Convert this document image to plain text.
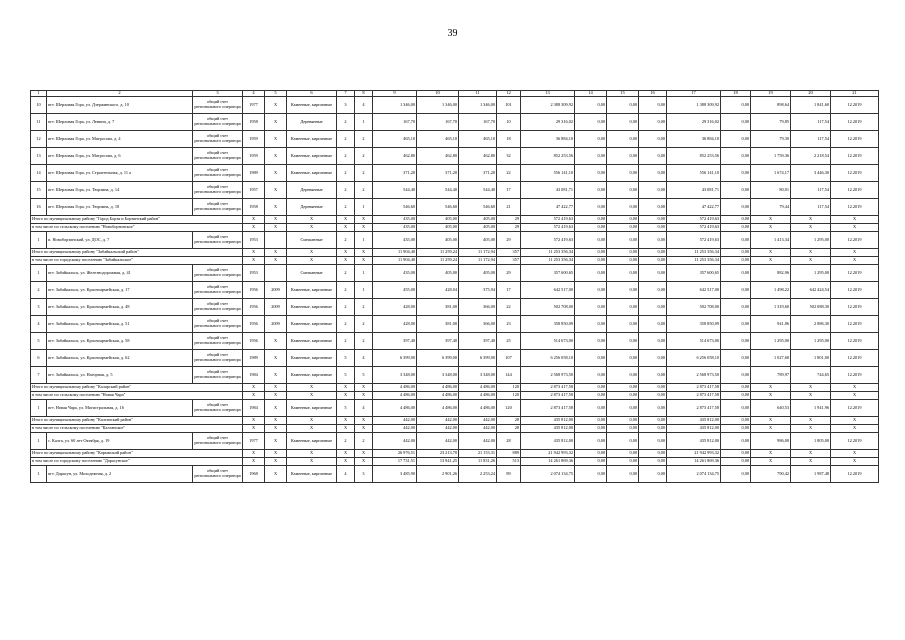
39
1	2	3	4	5	6	7	8	9	10	11	12	13	14	15	16	17	18	19	20	21
10	пгт. Шерловая Гора, ул. Дзержинского, д. 10	общий счет регионального оператора	1977	X	Каменные, кирпичные	3	4	1 346,00	1 346,00	1 346,00	101	2 388 309,92	0,00	0,00	0,00	1 388 309,92	0,00	898,64	1 841,60	12.2019
11	пгт. Шерловая Гора, ул. Ленина, д. 7	общий счет регионального оператора	1958	X	Деревянные	2	1	167,70	167,70	167,70	10	29 316,02	0,00	0,00	0,00	29 316,02	0,00	79,85	117,54	12.2019
12	пгт. Шерловая Гора, ул. Матросова, д. 4	общий счет регионального оператора	1959	X	Каменные, кирпичные	2	2	465,10	465,10	465,10	18	36 884,10	0,00	0,00	0,00	36 884,10	0,00	79,30	117,54	12.2019
13	пгт. Шерловая Гора, ул. Матросова, д. 6	общий счет регионального оператора	1959	X	Каменные, кирпичные	2	2	462,80	462,80	462,80	32	852 253,56	0,00	0,00	0,00	852 253,56	0,00	1 759,36	2 218,54	12.2019
14	пгт. Шерловая Гора, ул. Строительная, д. 11 а	общий счет регионального оператора	1989	X	Каменные, кирпичные	2	2	371,20	371,20	371,20	22	556 141,10	0,00	0,00	0,00	556 141,10	0,00	1 674,17	3 446,30	12.2019
15	пгт. Шерловая Гора, ул. Тюрлина, д. 14	общий счет регионального оператора	1957	X	Деревянные	2	2	544,40	544,40	544,40	17	43 081,71	0,00	0,00	0,00	43 081,71	0,00	80,01	117,54	12.2019
16	пгт. Шерловая Гора, ул. Тюрлина, д. 18	общий счет регионального оператора	1958	X	Деревянные	2	1	546,60	546,60	546,60	21	47 422,77	0,00	0,00	0,00	47 422,77	0,00	79,44	117,54	12.2019
Итого по муниципальному району "Город Борзя и Борзинский район"			X	X	X	X	X	435,00	405,00	405,00	29	572 419,63	0,00	0,00	0,00	572 419,63	0,00	X	X	X
в том числе по сельскому поселению "Новоборзинское"			X	X	X	X	X	435,00	405,00	405,00	29	572 419,63	0,00	0,00	0,00	572 419,63	0,00	X	X	X
1	п. Новоборзинский, ул. ДОС, д. 7	общий счет регионального оператора	1953		Смешанные	2	1	435,00	405,00	405,00	29	572 419,63	0,00	0,00	0,00	572 419,63	0,00	1 413,34	1 295,00	12.2019
Итого по муниципальному району "Забайкальский район"			X	X	X	X	X	11 904,40	11 259,24	11 172,94	357	11 253 356,34	0,00	0,00	0,00	11 253 356,34	0,00	X	X	X
в том числе по городскому поселению "Забайкальское"			X	X	X	X	X	11 904,40	11 259,24	11 172,94	357	11 253 356,34	0,00	0,00	0,00	11 253 356,34	0,00	X	X	X
1	пгт. Забайкальск, ул. Железнодорожная, д. 41	общий счет регионального оператора	1953		Смешанные	2	1	435,00	405,00	405,00	29	357 600,65	0,00	0,00	0,00	357 600,65	0,00	882,96	1 295,00	12.2019
2	пгт. Забайкальск, ул. Красноармейская, д. 17	общий счет регионального оператора	1956	2009	Каменные, кирпичные	2	1	455,00	428,04	375,94	17	642 517,00	0,00	0,00	0,00	642 517,00	0,00	1 498,22	642 424,54	12.2019
3	пгт. Забайкальск, ул. Красноармейская, д. 48	общий счет регионального оператора	1956	2009	Каменные, кирпичные	2	2	428,00	381,00	366,00	22	502 708,00	0,00	0,00	0,00	502 708,00	0,00	1 319,60	502 088,30	12.2019
4	пгт. Забайкальск, ул. Красноармейская, д. 51	общий счет регионального оператора	1956	2009	Каменные, кирпичные	2	2	428,00	381,00	366,00	23	358 850,09	0,00	0,00	0,00	358 850,09	0,00	941,86	2 886,30	12.2019
5	пгт. Забайкальск, ул. Красноармейская, д. 58	общий счет регионального оператора	1956	X	Каменные, кирпичные	2	2	397,40	397,40	397,40	25	514 673,00	0,00	0,00	0,00	514 673,00	0,00	1 295,00	1 295,00	12.2019
6	пгт. Забайкальск, ул. Красноармейская, д. 62	общий счет регионального оператора	1989	X	Каменные, кирпичные	5	4	6 399,00	6 399,00	6 399,00	107	6 256 058,10	0,00	0,00	0,00	6 256 058,10	0,00	1 027,68	1 801,00	12.2019
7	пгт. Забайкальск, ул. Нагорная, д. 5	общий счет регионального оператора	1984	X	Каменные, кирпичные	5	5	3 348,00	3 348,00	3 348,00	144	2 568 973,50	0,00	0,00	0,00	2 568 973,50	0,00	789,97	744,65	12.2019
Итого по муниципальному району "Каларский район"			X	X	X	X	X	4 486,00	4 486,00	4 486,00	120	2 873 417,58	0,00	0,00	0,00	2 873 417,58	0,00	X	X	X
в том числе по сельскому поселению "Новая Чара"			X	X	X	X	X	4 486,00	4 486,00	4 486,00	120	2 873 417,58	0,00	0,00	0,00	2 873 417,58	0,00	X	X	X
1	пгт. Новая Чара, ул. Магистральная, д. 16	общий счет регионального оператора	1984	X	Каменные, кирпичные	5	4	4 486,00	4 486,00	4 486,00	120	2 873 417,58	0,00	0,00	0,00	2 873 417,58	0,00	640,53	1 941,96	12.2019
Итого по муниципальному району "Калганский район"			X	X	X	X	X	442,00	442,00	442,00	28	435 812,00	0,00	0,00	0,00	435 812,00	0,00	X	X	X
в том числе по сельскому поселению "Калганское"			X	X	X	X	X	442,00	442,00	442,00	28	435 812,00	0,00	0,00	0,00	435 812,00	0,00	X	X	X
1	с. Калга, ул. 60 лет Октября, д. 19	общий счет регионального оператора	1977	X	Каменные, кирпичные	2	2	442,00	442,00	442,00	28	435 812,00	0,00	0,00	0,00	435 812,00	0,00	986,00	1 805,00	12.2019
Итого по муниципальному району "Карымский район"			X	X	X	X	X	26 976,51	23 213,78	21 153,31	889	21 942 993,32	0,00	0,00	0,00	21 942 993,32	0,00	X	X	X
в том числе по городскому поселению "Дарасунское"			X	X	X	X	X	17 731,51	13 941,25	11 831,26	513	14 261 869,36	0,00	0,00	0,00	14 261 869,36	0,00	X	X	X
1	пгт. Дарасун, ул. Молодежная, д. 2	общий счет регионального оператора	1968	X	Каменные, кирпичные	4	3	3 485,90	2 901,26	2 253,24	89	2 074 134,75	0,00	0,00	0,00	2 074 134,75	0,00	790,42	1 987,48	12.2019
